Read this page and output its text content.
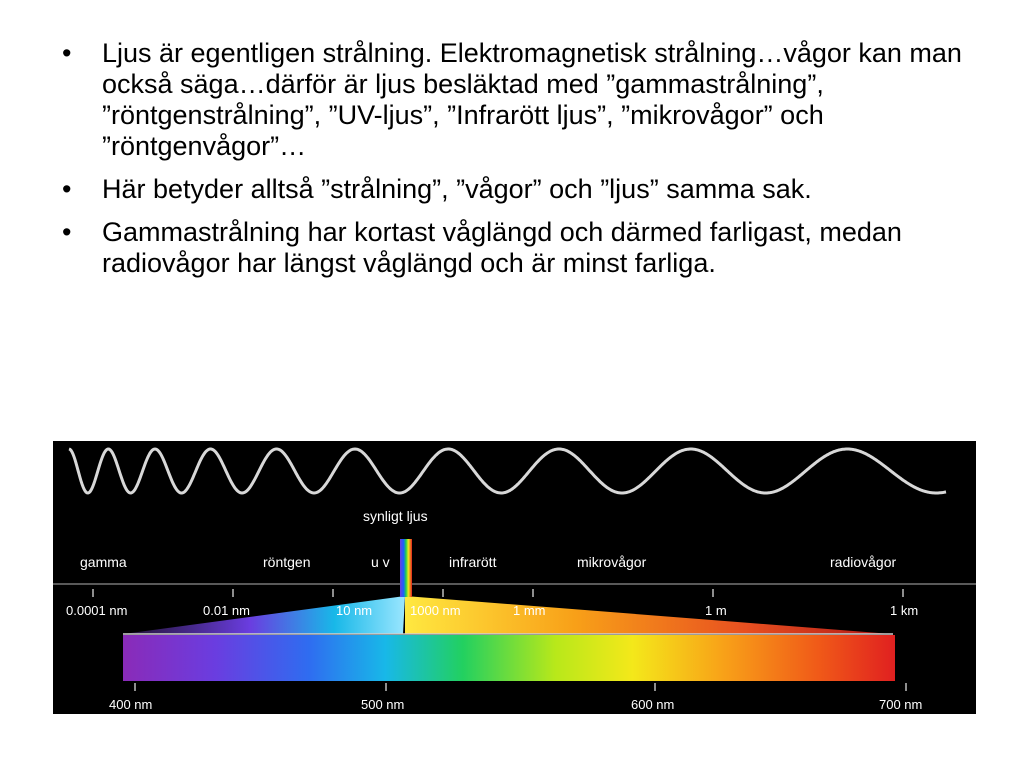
• Ljus är egentligen strålning. Elektromagnetisk strålning…vågor kan man också säga…därför är ljus besläktad med ”gammastrålning”, ”röntgenstrålning”, ”UV-ljus”, ”Infrarött ljus”, ”mikrovågor” och ”röntgenvågor”…
• Här betyder alltså ”strålning”, ”vågor” och ”ljus” samma sak.
• Gammastrålning har kortast våglängd och därmed farligast, medan radiovågor har längst våglängd och är minst farliga.
synligt ljus
gamma	röntgen	u v	infrarött	mikrovågor	radiovågor
0.0001 nm	0.01 nm	10 nm	1000 nm	1 mm	1 m	1 km
400 nm	500 nm	600 nm	700 nm
